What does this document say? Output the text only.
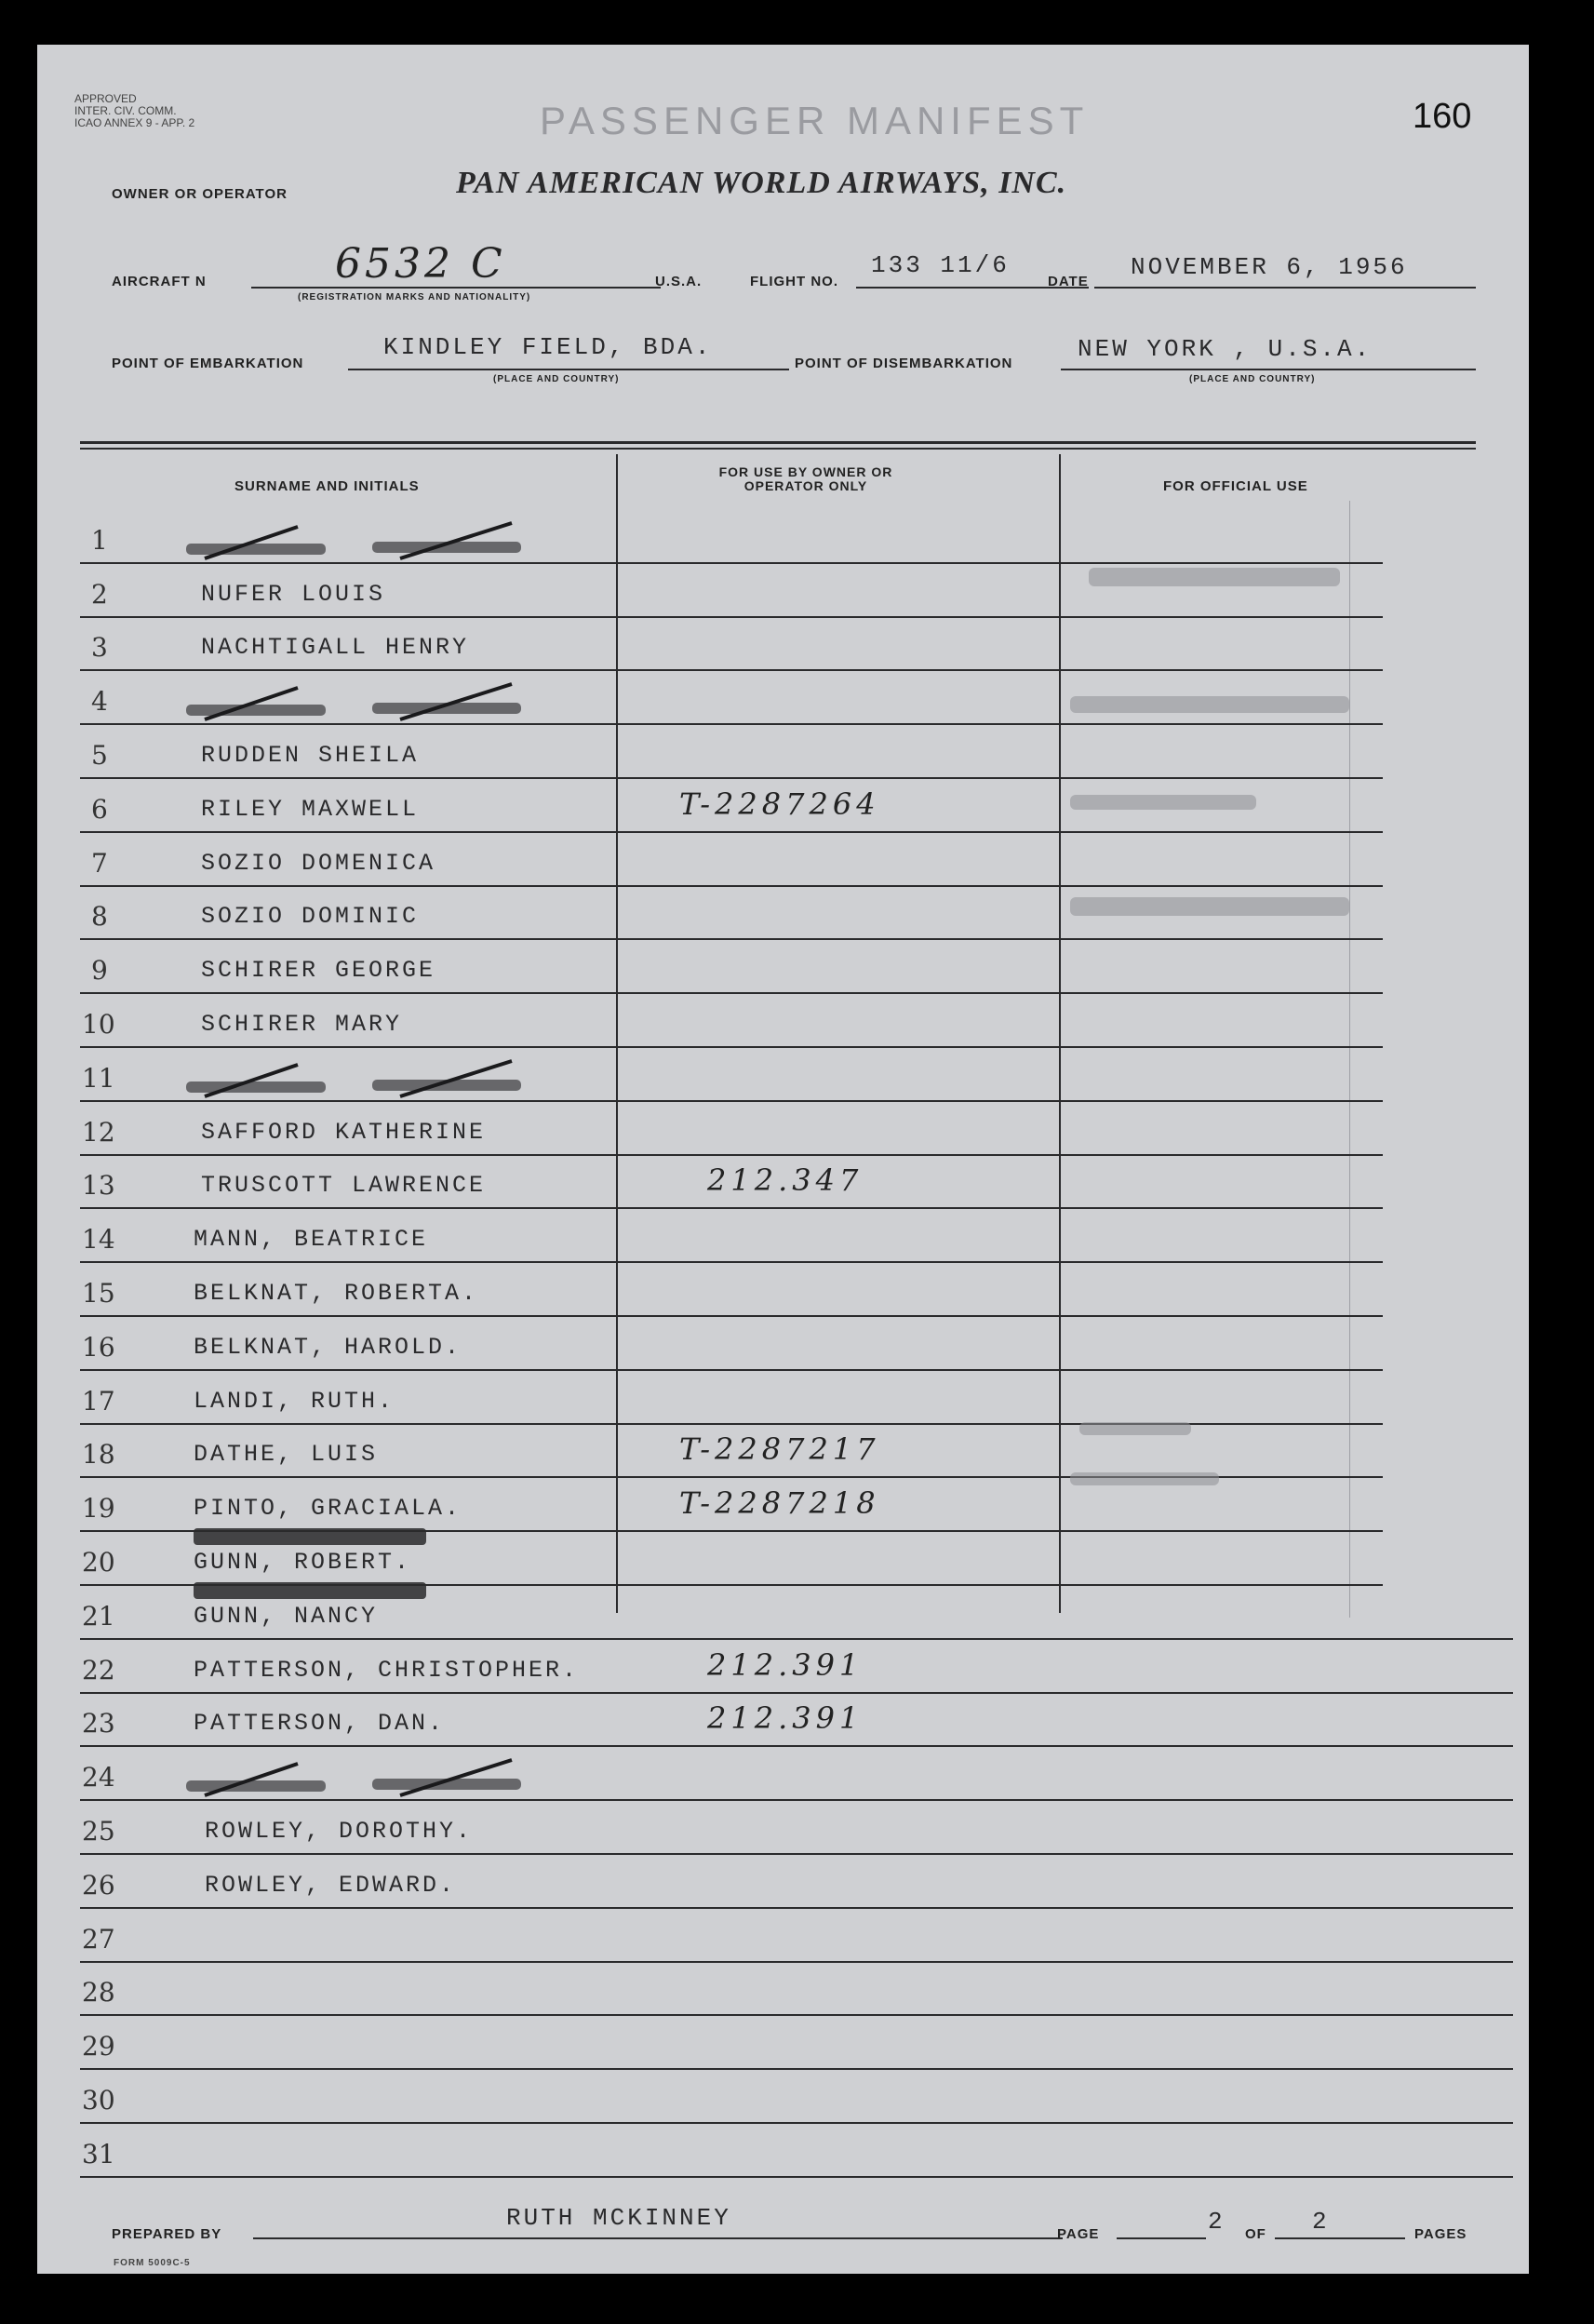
APPROVED
INTER. CIV. COMM.
ICAO ANNEX 9 - APP. 2	PASSENGER MANIFEST	160
OWNER OR OPERATOR	PAN AMERICAN WORLD AIRWAYS, INC.
AIRCRAFT N	6532 C
(REGISTRATION MARKS AND NATIONALITY)
U.S.A.	FLIGHT NO.
133 11/6
DATE
NOVEMBER 6, 1956
POINT OF EMBARKATION
KINDLEY FIELD, BDA.
(PLACE AND COUNTRY)
POINT OF DISEMBARKATION
NEW YORK , U.S.A.
(PLACE AND COUNTRY)
SURNAME AND INITIALS
FOR USE BY OWNER OR OPERATOR ONLY	FOR OFFICIAL USE
1
2	NUFER LOUIS
3	NACHTIGALL HENRY
4
5	RUDDEN SHEILA
6	RILEY MAXWELL	T-2287264
7	SOZIO DOMENICA
8	SOZIO DOMINIC
9	SCHIRER GEORGE
10	SCHIRER MARY
11
12	SAFFORD KATHERINE
13	TRUSCOTT LAWRENCE	212.347
14	MANN, BEATRICE
15	BELKNAT, ROBERTA.
16	BELKNAT, HAROLD.
17	LANDI, RUTH.
18	DATHE, LUIS	T-2287217
19	PINTO, GRACIALA.	T-2287218
20	GUNN, ROBERT.
21	GUNN, NANCY
22	PATTERSON, CHRISTOPHER.	212.391
23	PATTERSON, DAN.	212.391
24
25	ROWLEY, DOROTHY.
26	ROWLEY, EDWARD.
27
28
29
30
31
PREPARED BY
RUTH MCKINNEY
PAGE	2 OF 2	PAGES
FORM 5009C-5
